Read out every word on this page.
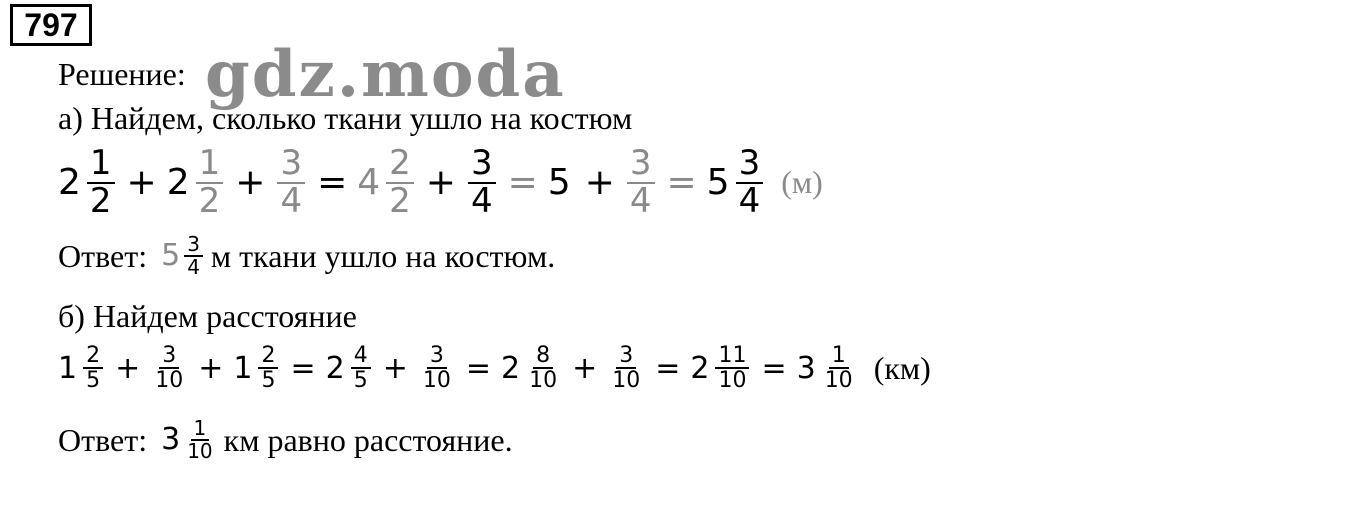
797
Решение: gdz.moda
а) Найдем, сколько ткани ушло на костюм
$2 \frac{1}{2} + 2 \frac{1}{2} + \frac{3}{4} = 4 \frac{2}{2} + \frac{3}{4} = 5 + \frac{3}{4} = 5 \frac{3}{4} (м)$
Ответ: $5 \frac{3}{4}$ м ткани ушло на костюм.
б) Найдем расстояние
$1 \frac{2}{5} + \frac{3}{10} + 1 \frac{2}{5} = 2 \frac{4}{5} + \frac{3}{10} = 2 \frac{8}{10} + \frac{3}{10} = 2 \frac{11}{10} = 3 \frac{1}{10} (км)$
Ответ: $3 \frac{1}{10}$ км равно расстояние.
